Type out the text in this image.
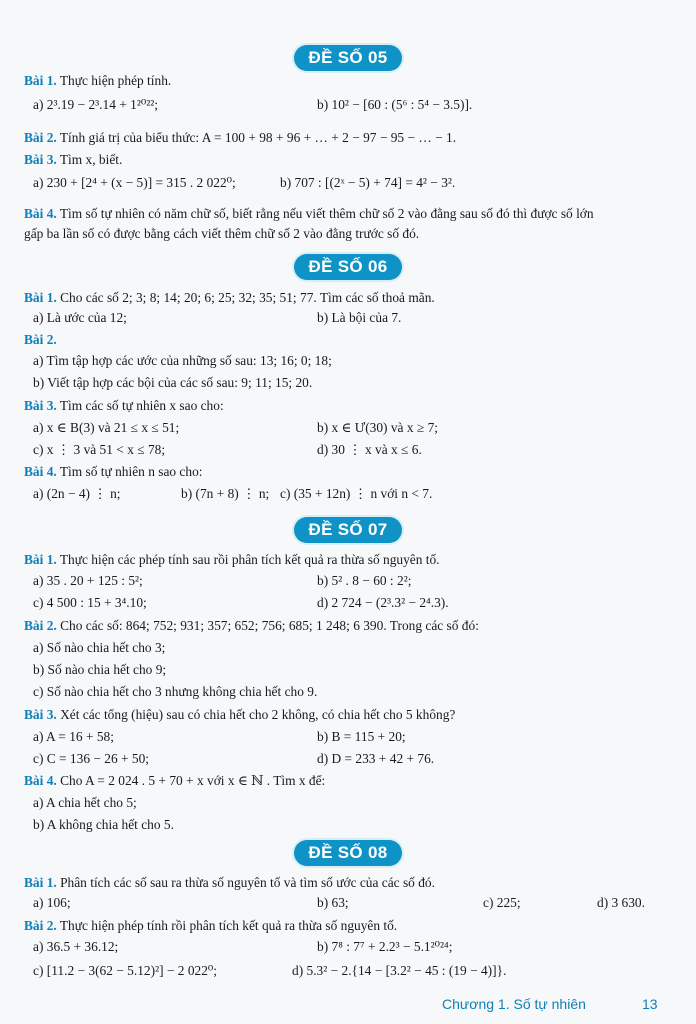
ĐỀ SỐ 05
Bài 1. Thực hiện phép tính.
a) 2³.19 − 2³.14 + 1²⁰²²;	b) 10² − [60 : (5⁶ : 5⁴ − 3.5)].
Bài 2. Tính giá trị của biểu thức: A = 100 + 98 + 96 + … + 2 − 97 − 95 − … − 1.
Bài 3. Tìm x, biết.
a) 230 + [2⁴ + (x − 5)] = 315 . 2 022⁰;	b) 707 : [(2ˣ − 5) + 74] = 4² − 3².
Bài 4. Tìm số tự nhiên có năm chữ số, biết rằng nếu viết thêm chữ số 2 vào đằng sau số đó thì được số lớn
gấp ba lần số có được bằng cách viết thêm chữ số 2 vào đằng trước số đó.
ĐỀ SỐ 06
Bài 1. Cho các số 2; 3; 8; 14; 20; 6; 25; 32; 35; 51; 77. Tìm các số thoả mãn.
a) Là ước của 12;	b) Là bội của 7.
Bài 2.
a) Tìm tập hợp các ước của những số sau: 13; 16; 0; 18;
b) Viết tập hợp các bội của các số sau: 9; 11; 15; 20.
Bài 3. Tìm các số tự nhiên x sao cho:
a) x ∈ B(3) và 21 ≤ x ≤ 51;	b) x ∈ Ư(30) và x ≥ 7;
c) x ⋮ 3 và 51 < x ≤ 78;	d) 30 ⋮ x và x ≤ 6.
Bài 4. Tìm số tự nhiên n sao cho:
a) (2n − 4) ⋮ n;	b) (7n + 8) ⋮ n; c) (35 + 12n) ⋮ n với n < 7.
ĐỀ SỐ 07
Bài 1. Thực hiện các phép tính sau rồi phân tích kết quả ra thừa số nguyên tố.
a) 35 . 20 + 125 : 5²;	b) 5² . 8 − 60 : 2²;
c) 4 500 : 15 + 3⁴.10;	d) 2 724 − (2³.3² − 2⁴.3).
Bài 2. Cho các số: 864; 752; 931; 357; 652; 756; 685; 1 248; 6 390. Trong các số đó:
a) Số nào chia hết cho 3;
b) Số nào chia hết cho 9;
c) Số nào chia hết cho 3 nhưng không chia hết cho 9.
Bài 3. Xét các tổng (hiệu) sau có chia hết cho 2 không, có chia hết cho 5 không?
a) A = 16 + 58;	b) B = 115 + 20;
c) C = 136 − 26 + 50;	d) D = 233 + 42 + 76.
Bài 4. Cho A = 2 024 . 5 + 70 + x với x ∈ ℕ . Tìm x để:
a) A chia hết cho 5;
b) A không chia hết cho 5.
ĐỀ SỐ 08
Bài 1. Phân tích các số sau ra thừa số nguyên tố và tìm số ước của các số đó.
a) 106;	b) 63;	c) 225;	d) 3 630.
Bài 2. Thực hiện phép tính rồi phân tích kết quả ra thừa số nguyên tố.
a) 36.5 + 36.12;	b) 7⁸ : 7⁷ + 2.2³ − 5.1²⁰²⁴;
c) [11.2 − 3(62 − 5.12)²] − 2 022⁰;	d) 5.3² − 2.{14 − [3.2² − 45 : (19 − 4)]}.
Chương 1. Số tự nhiên	13
